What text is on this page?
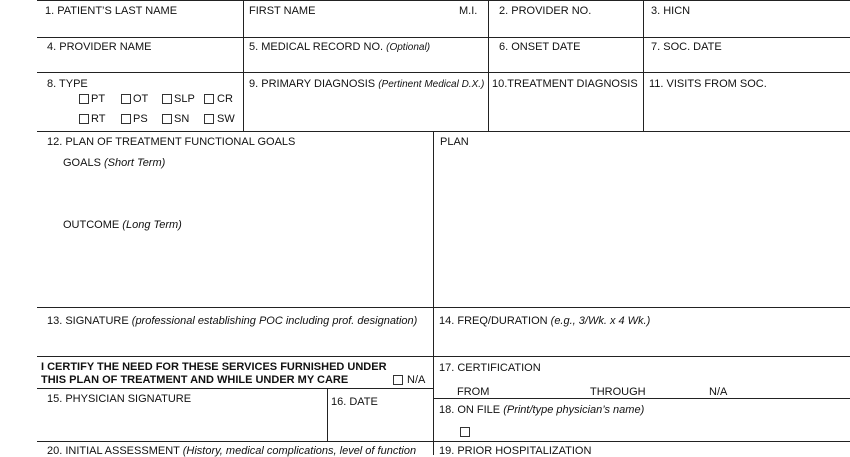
1. PATIENT’S LAST NAME	FIRST NAME	M.I. 2. PROVIDER NO.	3. HICN
4. PROVIDER NAME	5. MEDICAL RECORD NO. (Optional)	6. ONSET DATE	7. SOC. DATE
8. TYPE
PT	OT SLP CR
RT	PS SN	SW
9. PRIMARY DIAGNOSIS (Pertinent Medical D.X.) 10.TREATMENT DIAGNOSIS 11. VISITS FROM SOC.
12. PLAN OF TREATMENT FUNCTIONAL GOALS
GOALS (Short Term)
OUTCOME (Long Term)
PLAN
13. SIGNATURE (professional establishing POC including prof. designation) 14. FREQ/DURATION (e.g., 3/Wk. x 4 Wk.)
I CERTIFY THE NEED FOR THESE SERVICES FURNISHED UNDER
THIS PLAN OF TREATMENT AND WHILE UNDER MY CARE	N/A
15. PHYSICIAN SIGNATURE	16. DATE
17. CERTIFICATION
FROM	THROUGH	N/A
18. ON FILE (Print/type physician’s name)
20. INITIAL ASSESSMENT (History, medical complications, level of function 19. PRIOR HOSPITALIZATION
